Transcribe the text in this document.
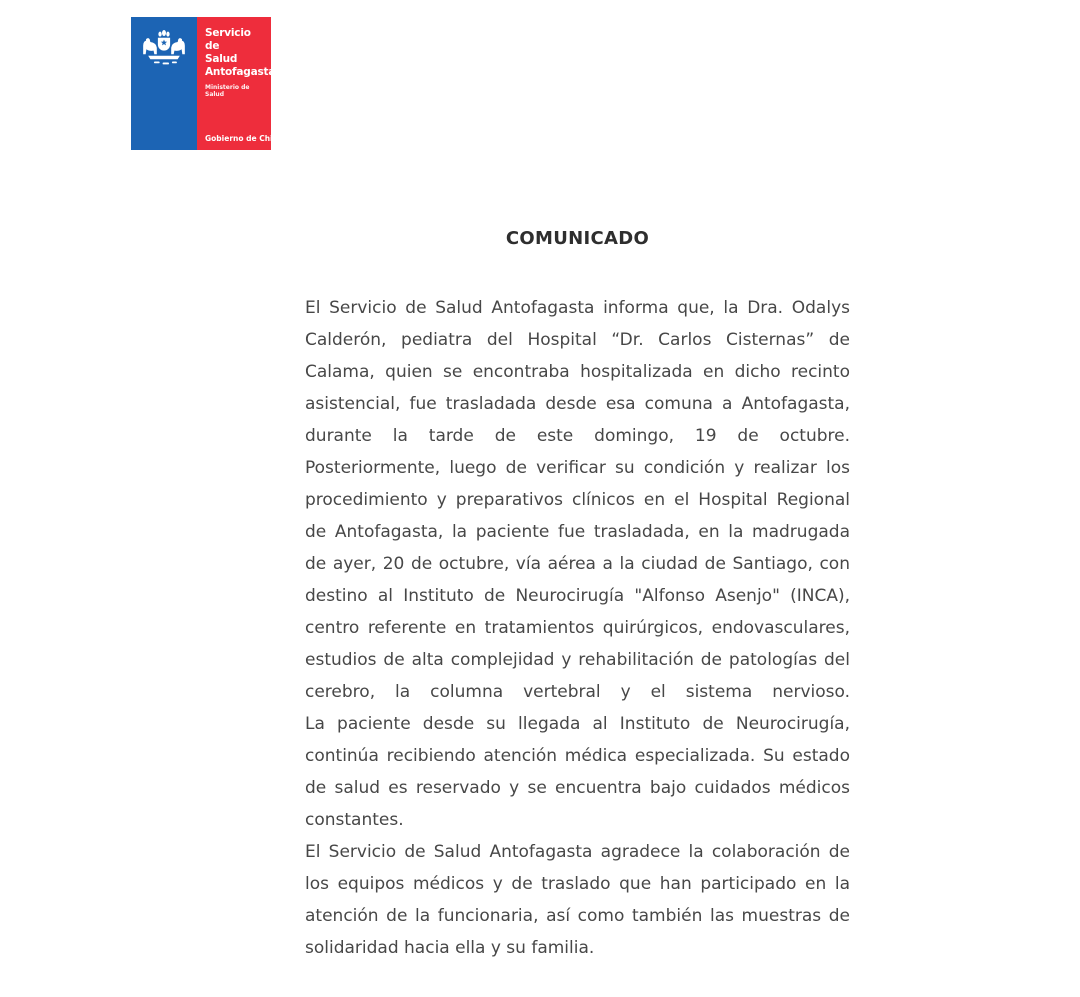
Servicio de
Salud
Antofagasta
Ministerio de Salud
Gobierno de Chile
COMUNICADO
El Servicio de Salud Antofagasta informa que, la Dra. Odalys
Calderón, pediatra del Hospital “Dr. Carlos Cisternas” de
Calama, quien se encontraba hospitalizada en dicho recinto
asistencial, fue trasladada desde esa comuna a Antofagasta,
durante la tarde de este domingo, 19 de octubre.
Posteriormente, luego de verificar su condición y realizar los
procedimiento y preparativos clínicos en el Hospital Regional
de Antofagasta, la paciente fue trasladada, en la madrugada
de ayer, 20 de octubre, vía aérea a la ciudad de Santiago, con
destino al Instituto de Neurocirugía "Alfonso Asenjo" (INCA),
centro referente en tratamientos quirúrgicos, endovasculares,
estudios de alta complejidad y rehabilitación de patologías del
cerebro, la columna vertebral y el sistema nervioso.
La paciente desde su llegada al Instituto de Neurocirugía,
continúa recibiendo atención médica especializada. Su estado
de salud es reservado y se encuentra bajo cuidados médicos
constantes.
El Servicio de Salud Antofagasta agradece la colaboración de
los equipos médicos y de traslado que han participado en la
atención de la funcionaria, así como también las muestras de
solidaridad hacia ella y su familia.
